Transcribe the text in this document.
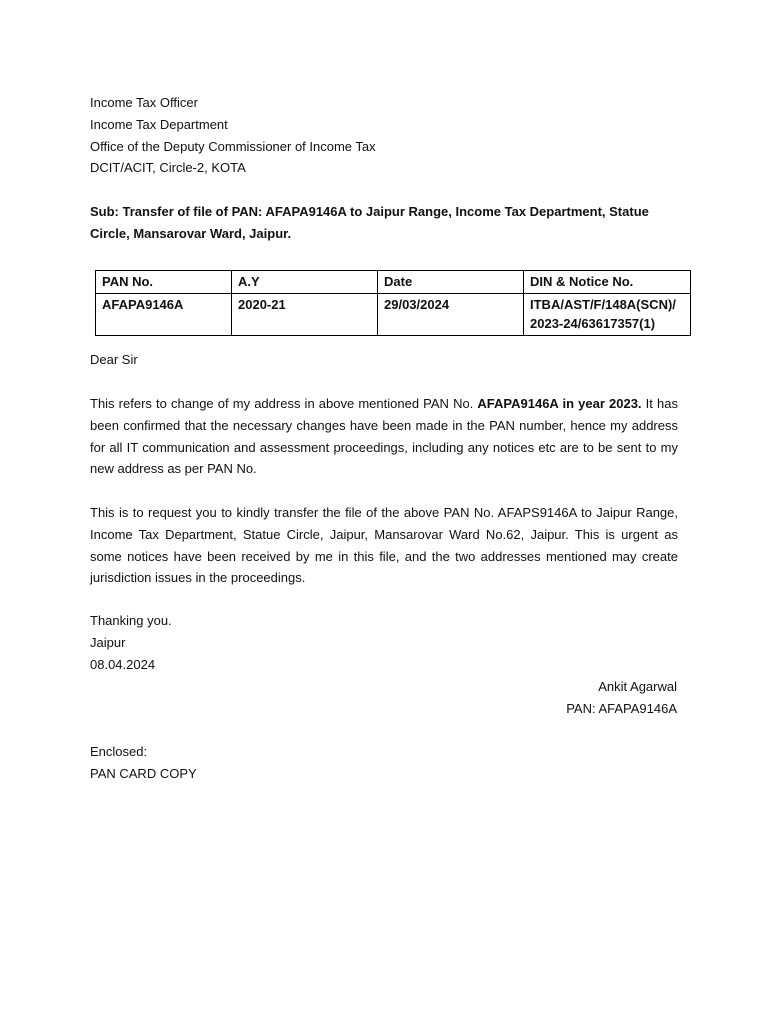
Income Tax Officer
Income Tax Department
Office of the Deputy Commissioner of Income Tax
DCIT/ACIT, Circle-2, KOTA
Sub: Transfer of file of PAN: AFAPA9146A to Jaipur Range, Income Tax Department, Statue
Circle, Mansarovar Ward, Jaipur.
PAN No.	A.Y	Date	DIN & Notice No.
AFAPA9146A	2020-21	29/03/2024	ITBA/AST/F/148A(SCN)/
2023-24/63617357(1)
Dear Sir
This refers to change of my address in above mentioned PAN No. AFAPA9146A in year 2023. It has been confirmed that the necessary changes have been made in the PAN number, hence my address for all IT communication and assessment proceedings, including any notices etc are to be sent to my new address as per PAN No.
This is to request you to kindly transfer the file of the above PAN No. AFAPS9146A to Jaipur Range, Income Tax Department, Statue Circle, Jaipur, Mansarovar Ward No.62, Jaipur. This is urgent as some notices have been received by me in this file, and the two addresses mentioned may create jurisdiction issues in the proceedings.
Thanking you.
Jaipur
08.04.2024
Ankit Agarwal
PAN: AFAPA9146A
Enclosed:
PAN CARD COPY
